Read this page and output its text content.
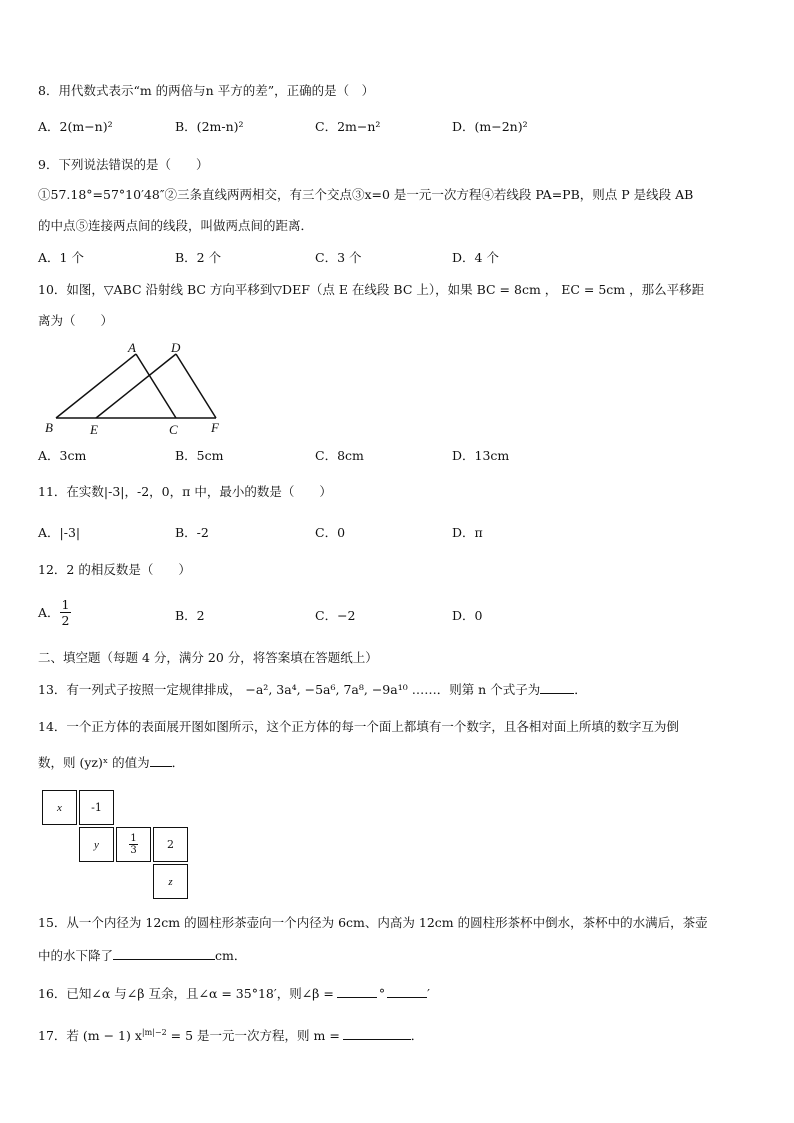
8．用代数式表示“m 的两倍与n 平方的差”，正确的是（　）
A．2(m−n)²	B．(2m-n)²	C．2m−n²	D．(m−2n)²
9．下列说法错误的是（　　）
①57.18°=57°10′48″②三条直线两两相交，有三个交点③x=0 是一元一次方程④若线段 PA=PB，则点 P 是线段 AB
的中点⑤连接两点间的线段，叫做两点间的距离．
A．1 个	B．2 个	C．3 个	D．4 个
10．如图，▽ABC 沿射线 BC 方向平移到▽DEF（点 E 在线段 BC 上），如果 BC = 8cm ， EC = 5cm ，那么平移距
离为（　　）
A	D
B	E	C	F
A．3cm	B．5cm	C．8cm	D．13cm
11．在实数|-3|，-2，0，π 中，最小的数是（　　）
A．|-3|	B．-2	C．0	D．π
12．2 的相反数是（　　）
A． $\frac{1}{2}$	B．2	C．−2	D．0
二、填空题（每题 4 分，满分 20 分，将答案填在答题纸上）
13．有一列式子按照一定规律排成， −a², 3a⁴, −5a⁶, 7a⁸, −9a¹⁰ ……．则第 n 个式子为	．
14．一个正方体的表面展开图如图所示，这个正方体的每一个面上都填有一个数字，且各相对面上所填的数字互为倒
数，则 (yz)ˣ 的值为 ．
x	-1
y	$\frac{1}{3}$	2
z
15．从一个内径为 12cm 的圆柱形茶壶向一个内径为 6cm、内高为 12cm 的圆柱形茶杯中倒水，茶杯中的水满后，茶壶
中的水下降了	cm．
16．已知∠α 与∠β 互余，且∠α = 35°18′，则∠β =	°	′
17．若 (m − 1) $x^{|m|-2} = 5$ 是一元一次方程，则 m =	．
